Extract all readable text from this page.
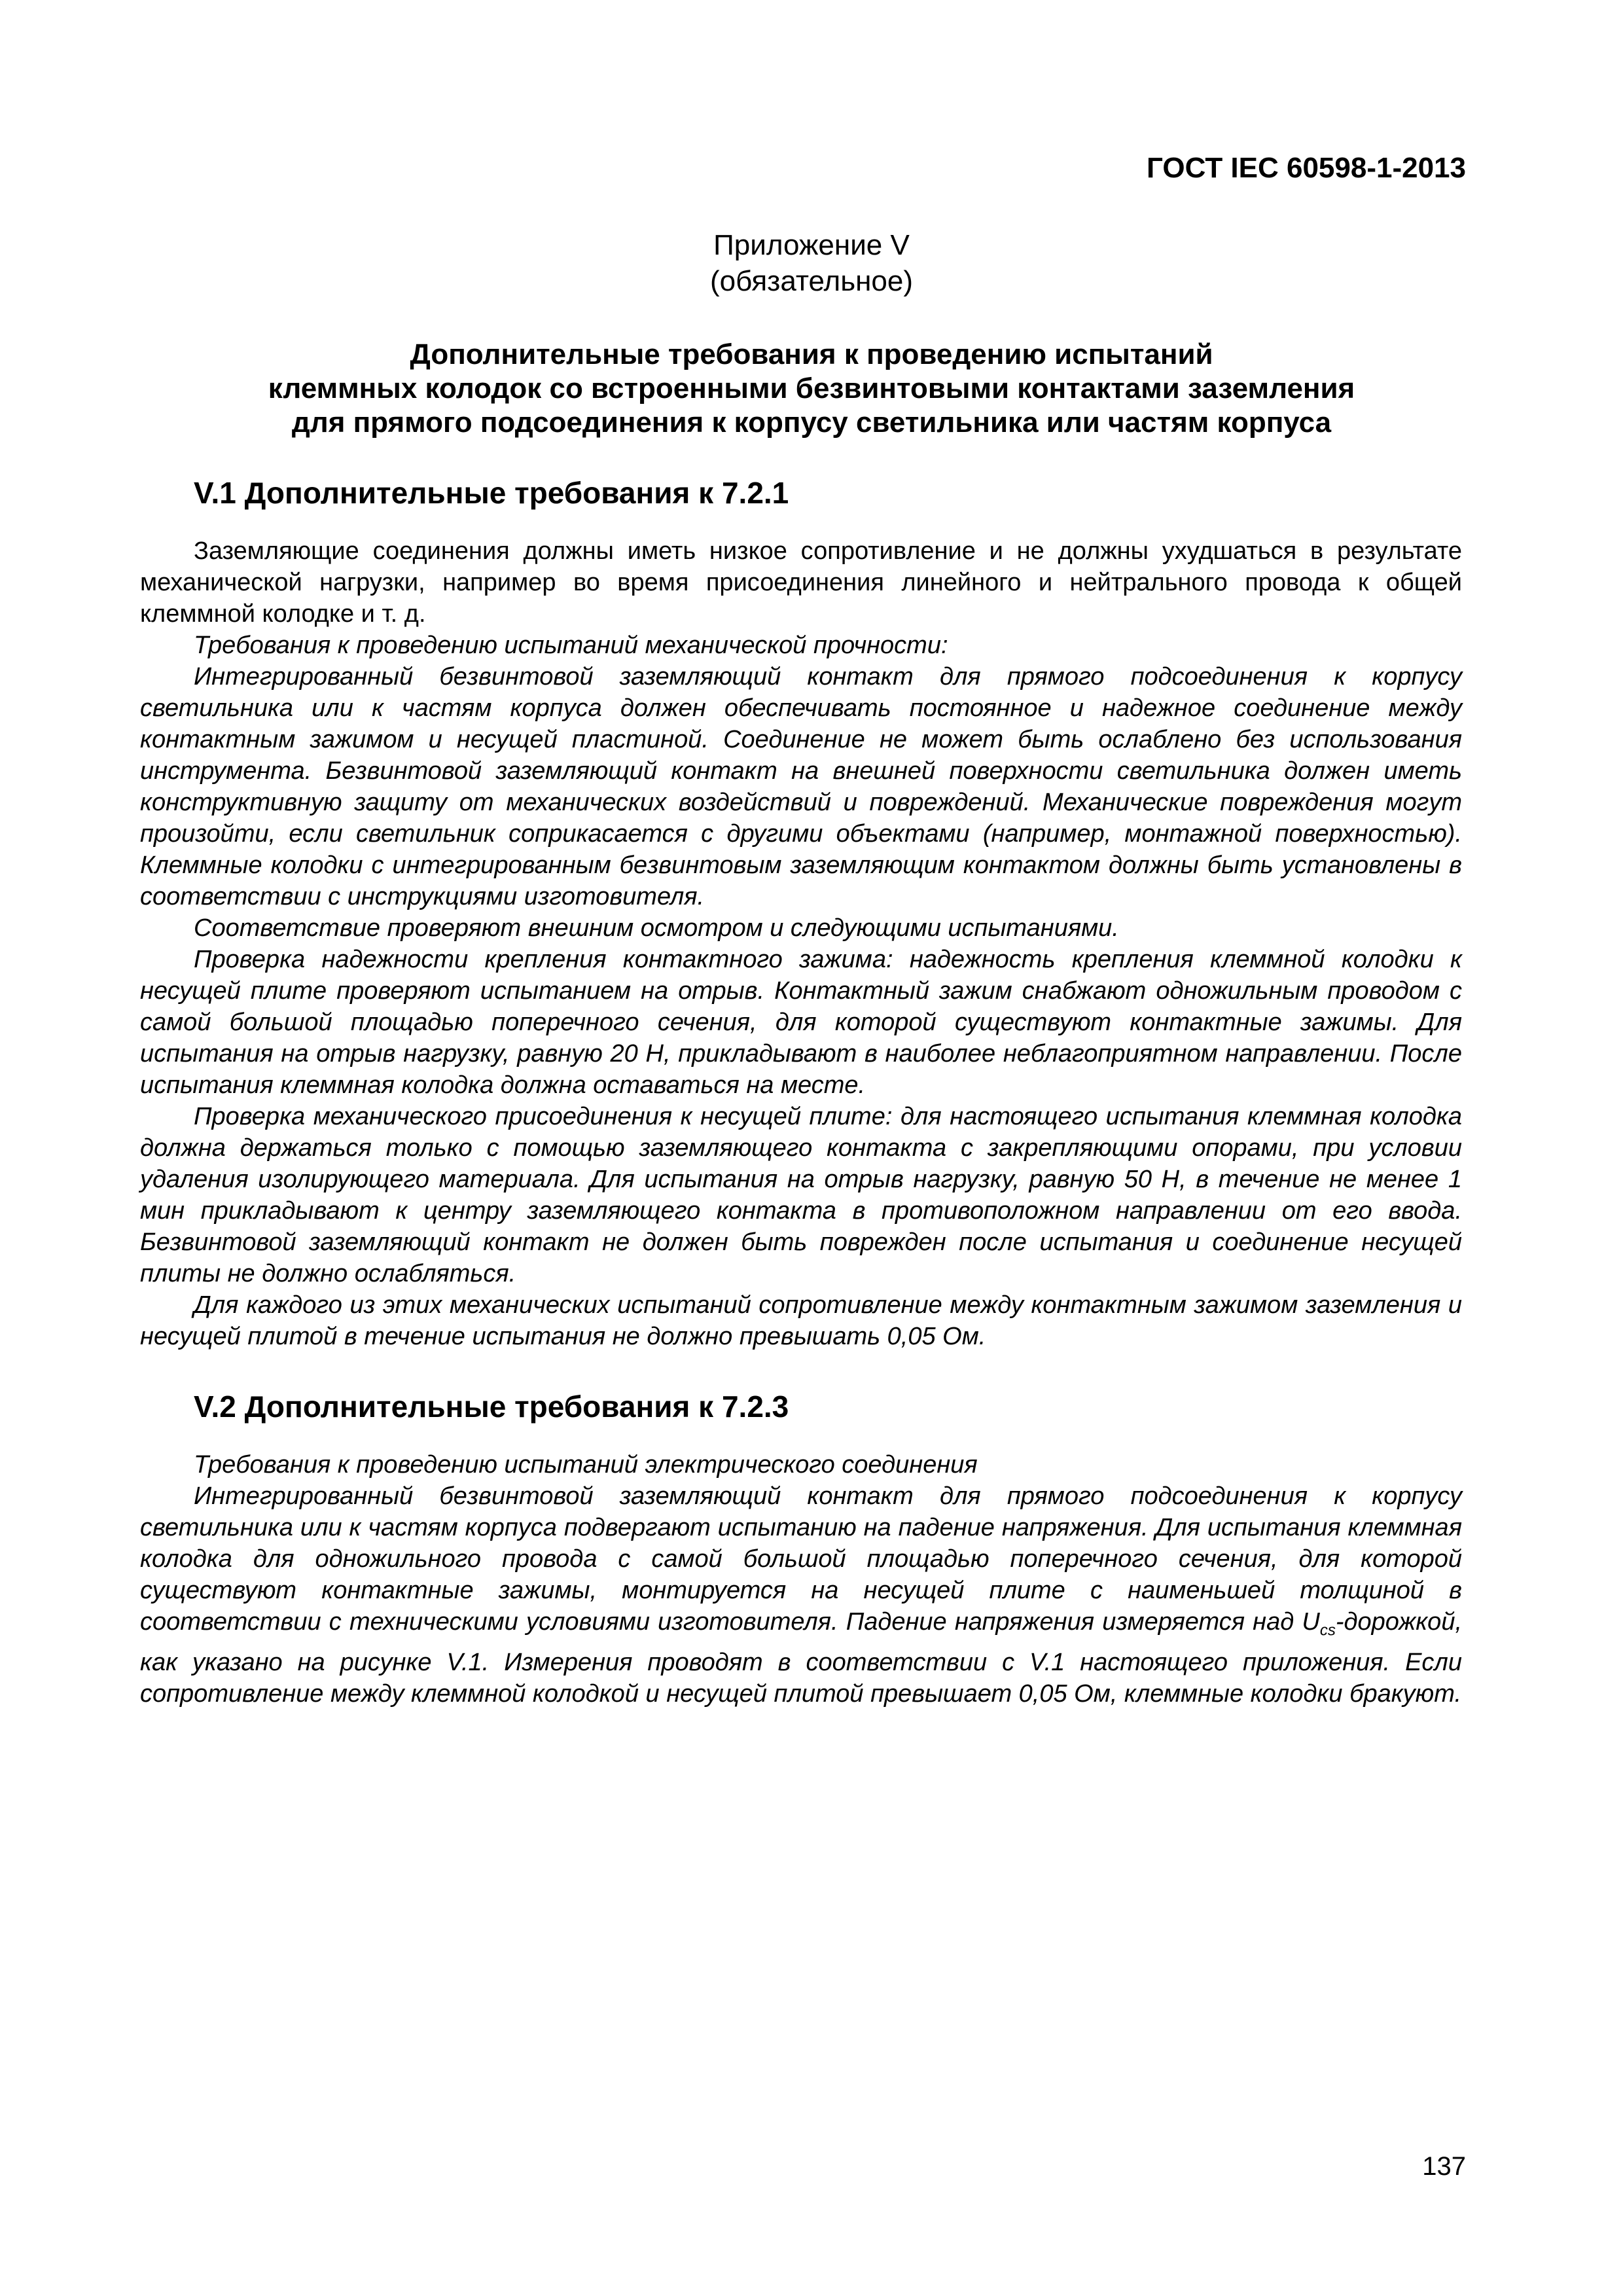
ГОСТ IEC 60598-1-2013
Приложение V
(обязательное)
Дополнительные требования к проведению испытаний
клеммных колодок со встроенными безвинтовыми контактами заземления
для прямого подсоединения к корпусу светильника или частям корпуса
V.1 Дополнительные требования к 7.2.1

Заземляющие соединения должны иметь низкое сопротивление и не должны ухудшаться в результате механической нагрузки, например во время присоединения линейного и нейтрального провода к общей клеммной колодке и т. д.

Требования к проведению испытаний механической прочности:

Интегрированный безвинтовой заземляющий контакт для прямого подсоединения к корпусу светильника или к частям корпуса должен обеспечивать постоянное и надежное соединение между контактным зажимом и несущей пластиной. Соединение не может быть ослаблено без использования инструмента. Безвинтовой заземляющий контакт на внешней поверхности светильника должен иметь конструктивную защиту от механических воздействий и повреждений. Механические повреждения могут произойти, если светильник соприкасается с другими объектами (например, монтажной поверхностью). Клеммные колодки с интегрированным безвинтовым заземляющим контактом должны быть установлены в соответствии с инструкциями изготовителя.

Соответствие проверяют внешним осмотром и следующими испытаниями.

Проверка надежности крепления контактного зажима: надежность крепления клеммной колодки к несущей плите проверяют испытанием на отрыв. Контактный зажим снабжают одножильным проводом с самой большой площадью поперечного сечения, для которой существуют контактные зажимы. Для испытания на отрыв нагрузку, равную 20 Н, прикладывают в наиболее неблагоприятном направлении. После испытания клеммная колодка должна оставаться на месте.

Проверка механического присоединения к несущей плите: для настоящего испытания клеммная колодка должна держаться только с помощью заземляющего контакта с закрепляющими опорами, при условии удаления изолирующего материала. Для испытания на отрыв нагрузку, равную 50 Н, в течение не менее 1 мин прикладывают к центру заземляющего контакта в противоположном направлении от его ввода. Безвинтовой заземляющий контакт не должен быть поврежден после испытания и соединение несущей плиты не должно ослабляться.

Для каждого из этих механических испытаний сопротивление между контактным зажимом заземления и несущей плитой в течение испытания не должно превышать 0,05 Ом.

V.2 Дополнительные требования к 7.2.3

Требования к проведению испытаний электрического соединения

Интегрированный безвинтовой заземляющий контакт для прямого подсоединения к корпусу светильника или к частям корпуса подвергают испытанию на падение напряжения. Для испытания клеммная колодка для одножильного провода с самой большой площадью поперечного сечения, для которой существуют контактные зажимы, монтируется на несущей плите с наименьшей толщиной в соответствии с техническими условиями изготовителя. Падение напряжения измеряется над $U_{cs}$-дорожкой, как указано на рисунке V.1. Измерения проводят в соответствии с V.1 настоящего приложения. Если сопротивление между клеммной колодкой и несущей плитой превышает 0,05 Ом, клеммные колодки бракуют.

137
